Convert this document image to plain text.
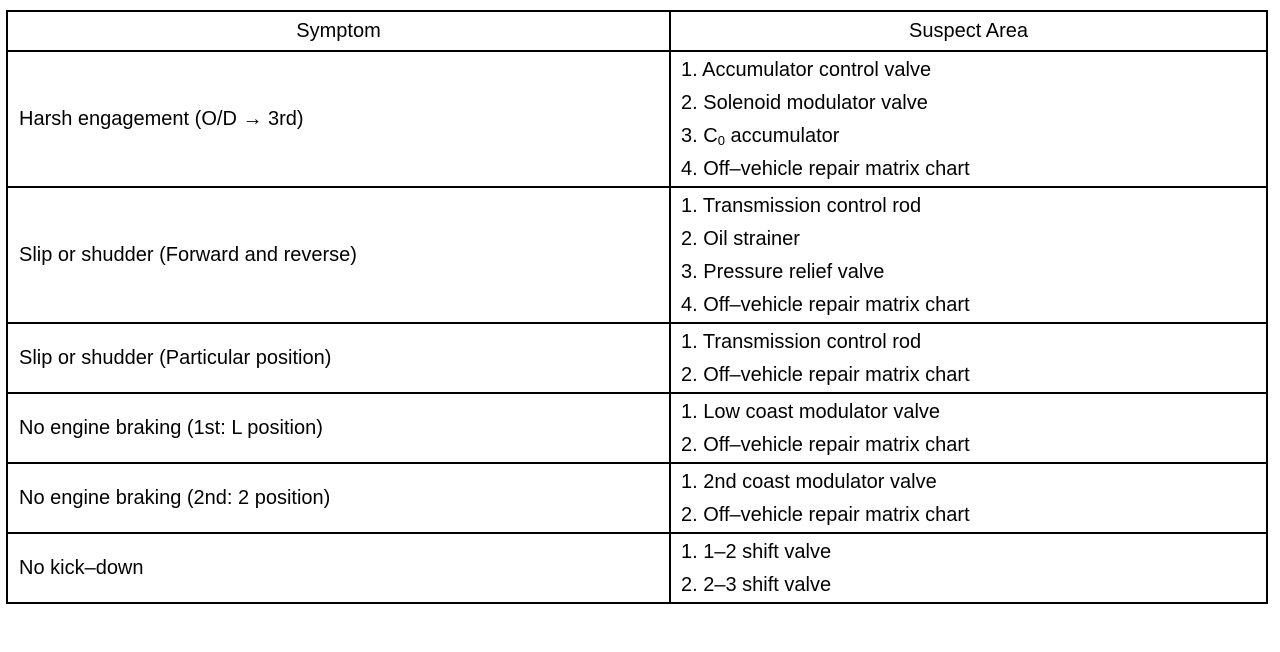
Symptom	Suspect Area
Harsh engagement (O/D → 3rd)	1. Accumulator control valve
2. Solenoid modulator valve
3. $C_0$ accumulator
4. Off–vehicle repair matrix chart

Slip or shudder (Forward and reverse)	1. Transmission control rod
2. Oil strainer
3. Pressure relief valve
4. Off–vehicle repair matrix chart

Slip or shudder (Particular position)	1. Transmission control rod
2. Off–vehicle repair matrix chart

No engine braking (1st: L position)	1. Low coast modulator valve
2. Off–vehicle repair matrix chart

No engine braking (2nd: 2 position)	1. 2nd coast modulator valve
2. Off–vehicle repair matrix chart

No kick–down	1. 1–2 shift valve
2. 2–3 shift valve
